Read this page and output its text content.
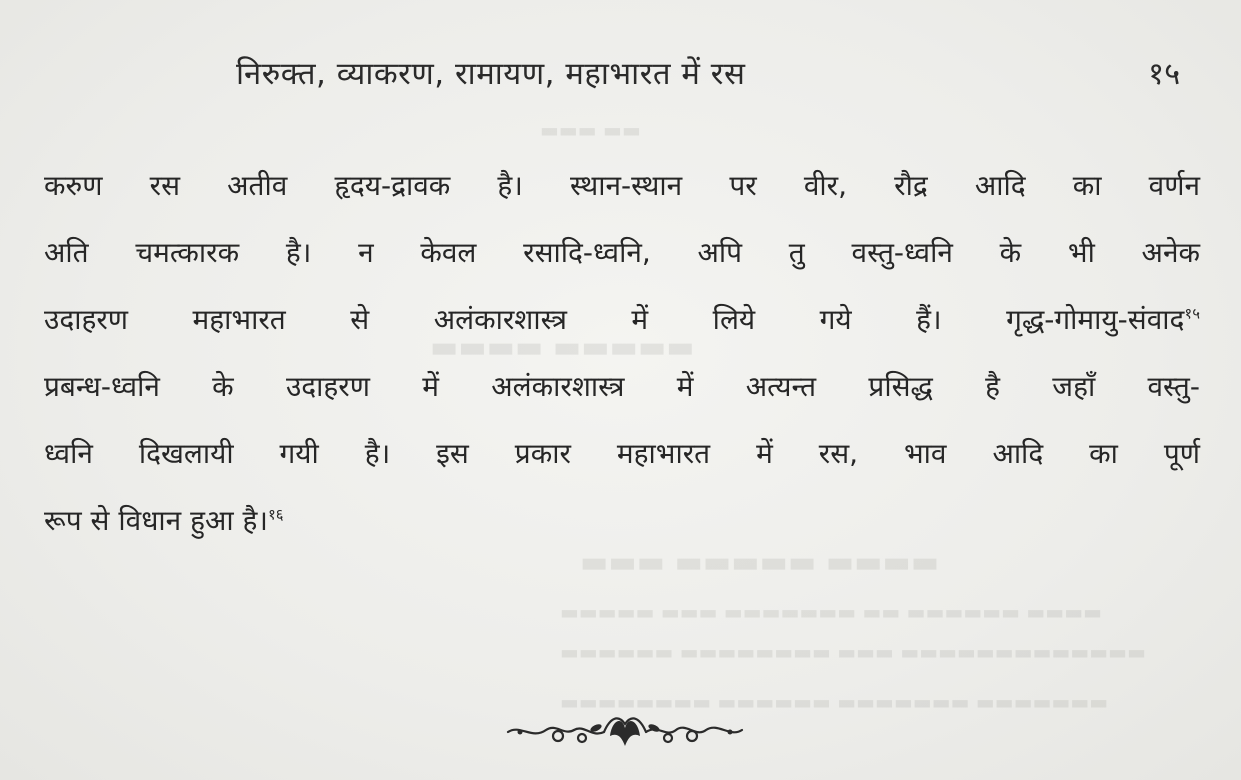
▬▬▬ ▬▬
▬▬▬▬ ▬▬▬▬▬
▬▬▬ ▬▬▬▬▬ ▬▬▬▬
▬▬▬▬▬ ▬▬▬ ▬▬▬▬▬▬▬ ▬▬ ▬▬▬▬▬▬ ▬▬▬▬
▬▬▬▬▬▬ ▬▬▬▬▬▬▬▬ ▬▬▬ ▬▬▬▬▬▬▬▬▬▬▬▬▬
▬▬▬▬▬▬▬▬ ▬▬▬▬▬▬ ▬▬▬▬▬▬▬ ▬▬▬▬▬▬▬
निरुक्त, व्याकरण, रामायण, महाभारत में रस	१५
करुण रस अतीव हृदय-द्रावक है। स्थान-स्थान पर वीर, रौद्र आदि का वर्णन
अति चमत्कारक है। न केवल रसादि-ध्वनि, अपि तु वस्तु-ध्वनि के भी अनेक
उदाहरण महाभारत से अलंकारशास्त्र में लिये गये हैं। गृद्ध-गोमायु-संवाद$^{१५}$
प्रबन्ध-ध्वनि के उदाहरण में अलंकारशास्त्र में अत्यन्त प्रसिद्ध है जहाँ वस्तु-
ध्वनि दिखलायी गयी है। इस प्रकार महाभारत में रस, भाव आदि का पूर्ण
रूप से विधान हुआ है।$^{१६}$
